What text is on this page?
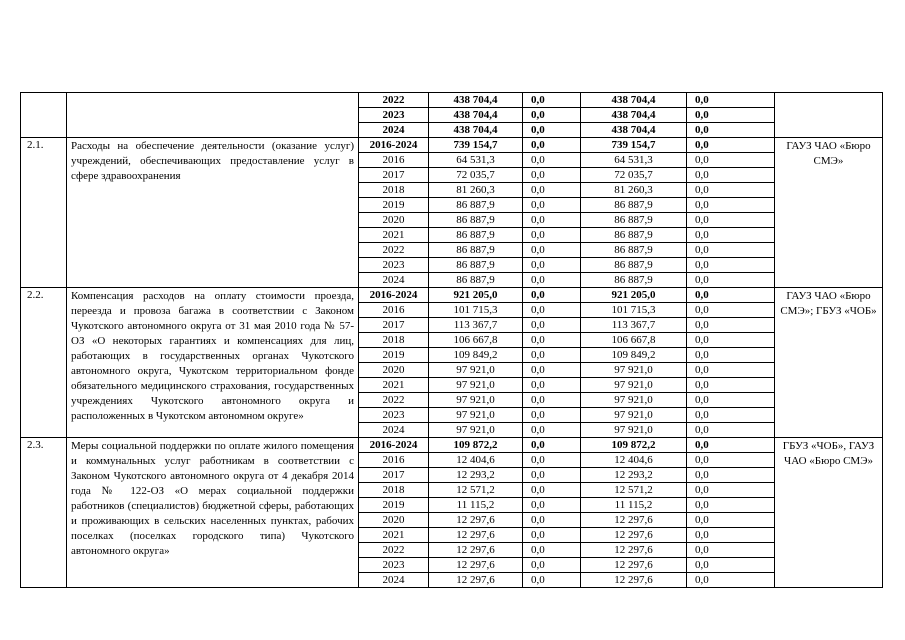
		2022	438 704,4	0,0	438 704,4	0,0	
		2023	438 704,4	0,0	438 704,4	0,0	
		2024	438 704,4	0,0	438 704,4	0,0	
2.1.	Расходы на обеспечение деятельности (оказание услуг) учреждений, обеспечивающих предоставление услуг в сфере здравоохранения	2016-2024	739 154,7	0,0	739 154,7	0,0	ГАУЗ ЧАО «Бюро СМЭ»
		2016	64 531,3	0,0	64 531,3	0,0	
		2017	72 035,7	0,0	72 035,7	0,0	
		2018	81 260,3	0,0	81 260,3	0,0	
		2019	86 887,9	0,0	86 887,9	0,0	
		2020	86 887,9	0,0	86 887,9	0,0	
		2021	86 887,9	0,0	86 887,9	0,0	
		2022	86 887,9	0,0	86 887,9	0,0	
		2023	86 887,9	0,0	86 887,9	0,0	
		2024	86 887,9	0,0	86 887,9	0,0	
2.2.	Компенсация расходов на оплату стоимости проезда, переезда и провоза багажа в соответствии с Законом Чукотского автономного округа от 31 мая 2010 года № 57-ОЗ «О некоторых гарантиях и компенсациях для лиц, работающих в государственных органах Чукотского автономного округа, Чукотском территориальном фонде обязательного медицинского страхования, государственных учреждениях Чукотского автономного округа и расположенных в Чукотском автономном округе»	2016-2024	921 205,0	0,0	921 205,0	0,0	ГАУЗ ЧАО «Бюро СМЭ»; ГБУЗ «ЧОБ»
		2016	101 715,3	0,0	101 715,3	0,0	
		2017	113 367,7	0,0	113 367,7	0,0	
		2018	106 667,8	0,0	106 667,8	0,0	
		2019	109 849,2	0,0	109 849,2	0,0	
		2020	97 921,0	0,0	97 921,0	0,0	
		2021	97 921,0	0,0	97 921,0	0,0	
		2022	97 921,0	0,0	97 921,0	0,0	
		2023	97 921,0	0,0	97 921,0	0,0	
		2024	97 921,0	0,0	97 921,0	0,0	
2.3.	Меры социальной поддержки по оплате жилого помещения и коммунальных услуг работникам в соответствии с Законом Чукотского автономного округа от 4 декабря 2014 года № 122-ОЗ «О мерах социальной поддержки работников (специалистов) бюджетной сферы, работающих и проживающих в сельских населенных пунктах, рабочих поселках (поселках городского типа) Чукотского автономного округа»	2016-2024	109 872,2	0,0	109 872,2	0,0	ГБУЗ «ЧОБ», ГАУЗ ЧАО «Бюро СМЭ»
		2016	12 404,6	0,0	12 404,6	0,0	
		2017	12 293,2	0,0	12 293,2	0,0	
		2018	12 571,2	0,0	12 571,2	0,0	
		2019	11 115,2	0,0	11 115,2	0,0	
		2020	12 297,6	0,0	12 297,6	0,0	
		2021	12 297,6	0,0	12 297,6	0,0	
		2022	12 297,6	0,0	12 297,6	0,0	
		2023	12 297,6	0,0	12 297,6	0,0	
		2024	12 297,6	0,0	12 297,6	0,0	
